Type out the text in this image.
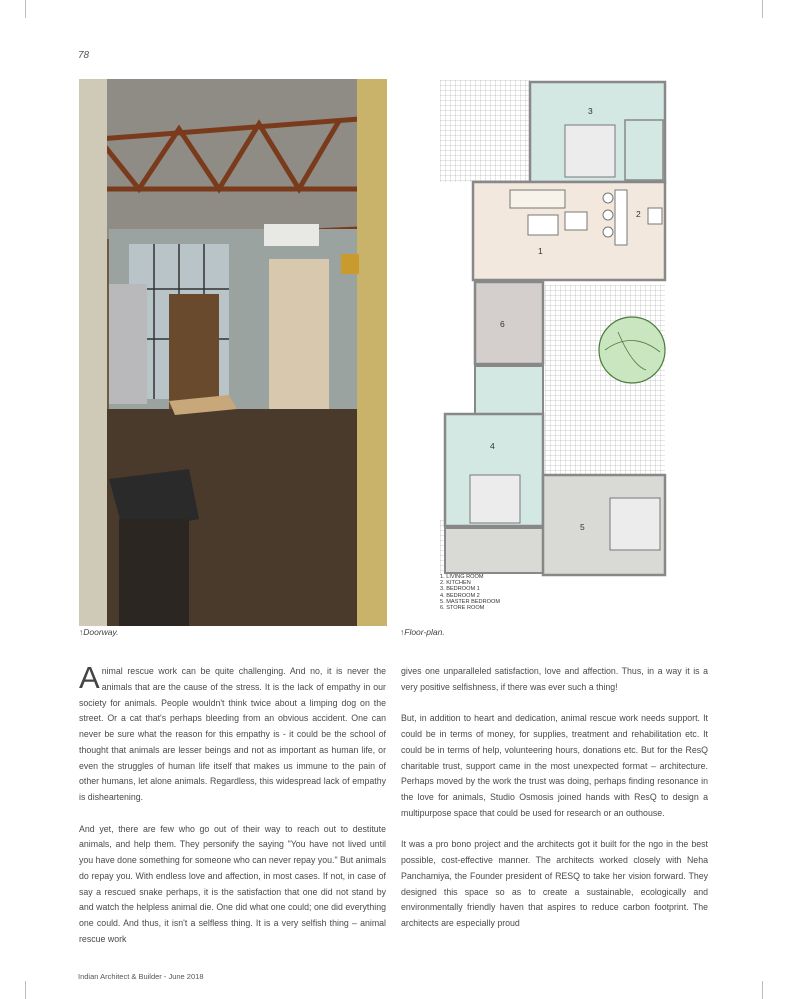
78
↑Doorway.
3
2
1
6
4
5
1. LIVING ROOM
2. KITCHEN
3. BEDROOM 1
4. BEDROOM 2
5. MASTER BEDROOM
6. STORE ROOM
↑Floor-plan.

Animal rescue work can be quite challenging. And no, it is never the animals that are the cause of the stress. It is the lack of empathy in our society for animals. People wouldn't think twice about a limping dog on the street. Or a cat that's perhaps bleeding from an obvious accident. One can never be sure what the reason for this empathy is - it could be the school of thought that animals are lesser beings and not as important as human life, or even the struggles of human life itself that makes us immune to the pain of other humans, let alone animals. Regardless, this widespread lack of empathy is disheartening.

And yet, there are few who go out of their way to reach out to destitute animals, and help them. They personify the saying "You have not lived until you have done something for someone who can never repay you." But animals do repay you. With endless love and affection, in most cases. If not, in case of say a rescued snake perhaps, it is the satisfaction that one did not stand by and watch the helpless animal die. One did what one could; one did everything one could. And thus, it isn't a selfless thing. It is a very selfish thing – animal rescue work

gives one unparalleled satisfaction, love and affection. Thus, in a way it is a very positive selfishness, if there was ever such a thing!

But, in addition to heart and dedication, animal rescue work needs support. It could be in terms of money, for supplies, treatment and rehabilitation etc. It could be in terms of help, volunteering hours, donations etc. But for the ResQ charitable trust, support came in the most unexpected format – architecture. Perhaps moved by the work the trust was doing, perhaps finding resonance in the love for animals, Studio Osmosis joined hands with ResQ to design a multipurpose space that could be used for research or an outhouse.

It was a pro bono project and the architects got it built for the ngo in the best possible, cost-effective manner. The architects worked closely with Neha Panchamiya, the Founder president of RESQ to take her vision forward. They designed this space so as to create a sustainable, ecologically and environmentally friendly haven that aspires to reduce carbon footprint. The architects are especially proud

Indian Architect & Builder - June 2018
